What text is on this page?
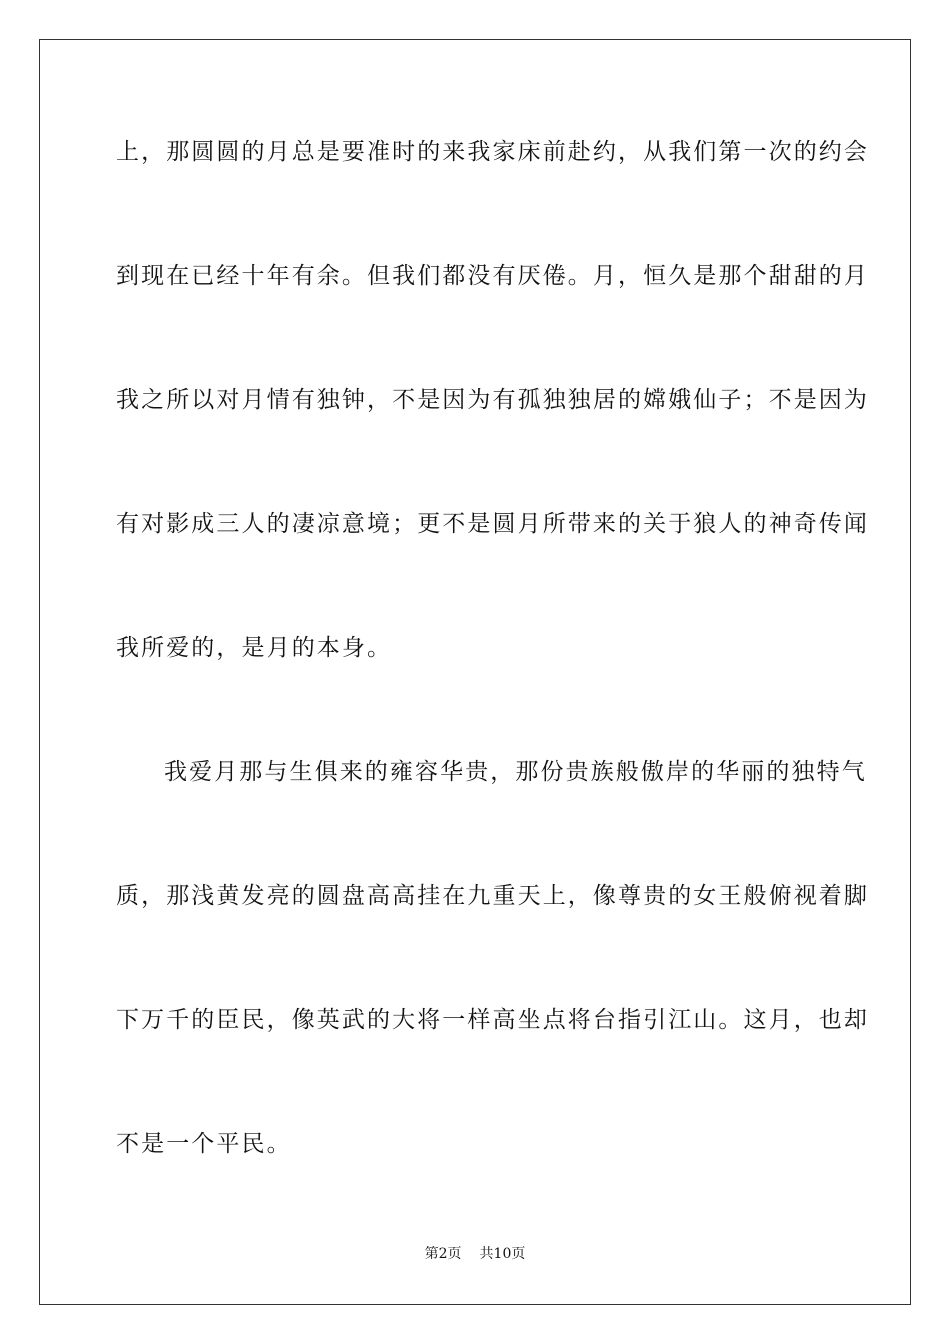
上，那圆圆的月总是要准时的来我家床前赴约，从我们第一次的约会
到现在已经十年有余。但我们都没有厌倦。月，恒久是那个甜甜的月
我之所以对月情有独钟，不是因为有孤独独居的嫦娥仙子；不是因为
有对影成三人的凄凉意境；更不是圆月所带来的关于狼人的神奇传闻
我所爱的，是月的本身。
我爱月那与生俱来的雍容华贵，那份贵族般傲岸的华丽的独特气
质，那浅黄发亮的圆盘高高挂在九重天上，像尊贵的女王般俯视着脚
下万千的臣民，像英武的大将一样高坐点将台指引江山。这月，也却
不是一个平民。
第2页 共10页
